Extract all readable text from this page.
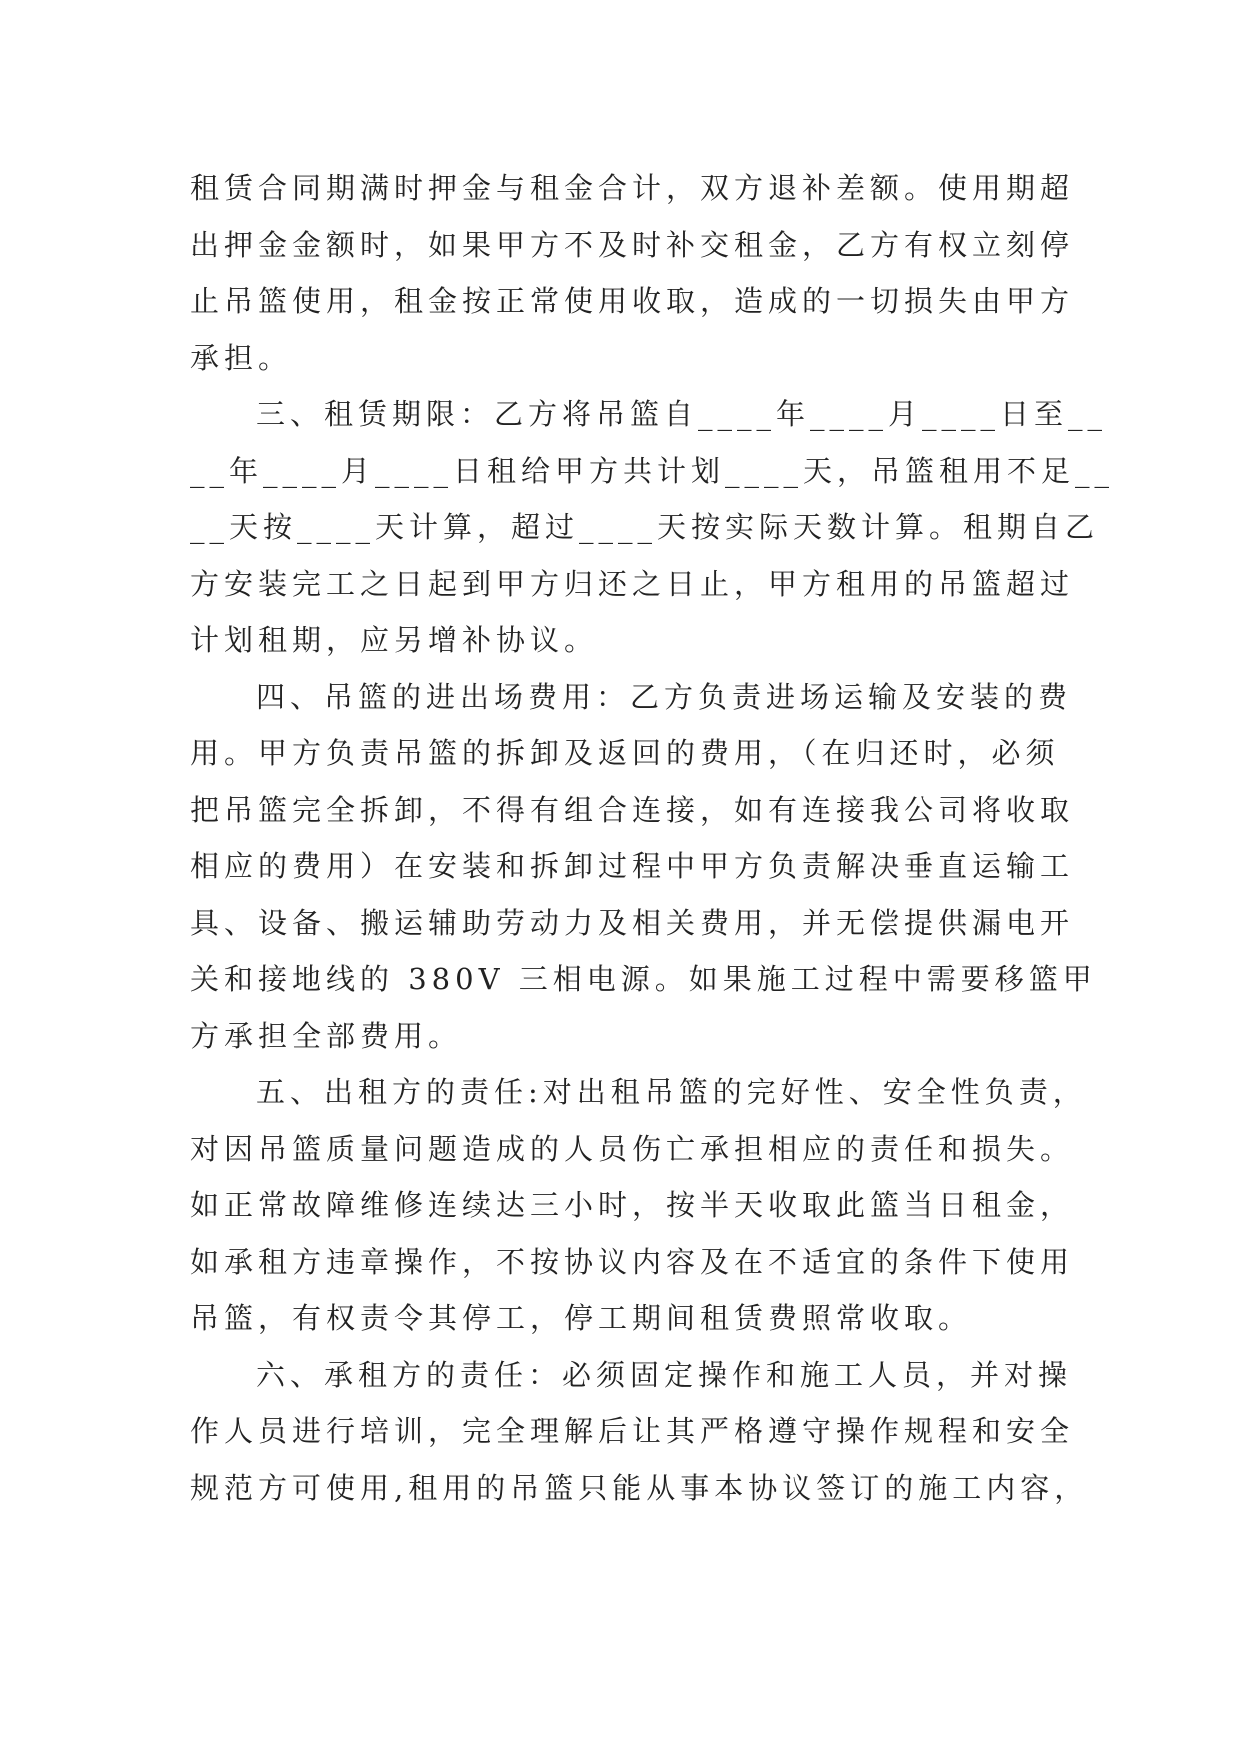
租赁合同期满时押金与租金合计，双方退补差额。使用期超
出押金金额时，如果甲方不及时补交租金，乙方有权立刻停
止吊篮使用，租金按正常使用收取，造成的一切损失由甲方
承担。
三、租赁期限：乙方将吊篮自____年____月____日至__
__年____月____日租给甲方共计划____天，吊篮租用不足__
__天按____天计算，超过____天按实际天数计算。租期自乙
方安装完工之日起到甲方归还之日止，甲方租用的吊篮超过
计划租期，应另增补协议。
四、吊篮的进出场费用：乙方负责进场运输及安装的费
用。甲方负责吊篮的拆卸及返回的费用，（在归还时，必须
把吊篮完全拆卸，不得有组合连接，如有连接我公司将收取
相应的费用）在安装和拆卸过程中甲方负责解决垂直运输工
具、设备、搬运辅助劳动力及相关费用，并无偿提供漏电开
关和接地线的 380V 三相电源。如果施工过程中需要移篮甲
方承担全部费用。
五、出租方的责任:对出租吊篮的完好性、安全性负责，
对因吊篮质量问题造成的人员伤亡承担相应的责任和损失。
如正常故障维修连续达三小时，按半天收取此篮当日租金，
如承租方违章操作，不按协议内容及在不适宜的条件下使用
吊篮，有权责令其停工，停工期间租赁费照常收取。
六、承租方的责任：必须固定操作和施工人员，并对操
作人员进行培训，完全理解后让其严格遵守操作规程和安全
规范方可使用,租用的吊篮只能从事本协议签订的施工内容，
